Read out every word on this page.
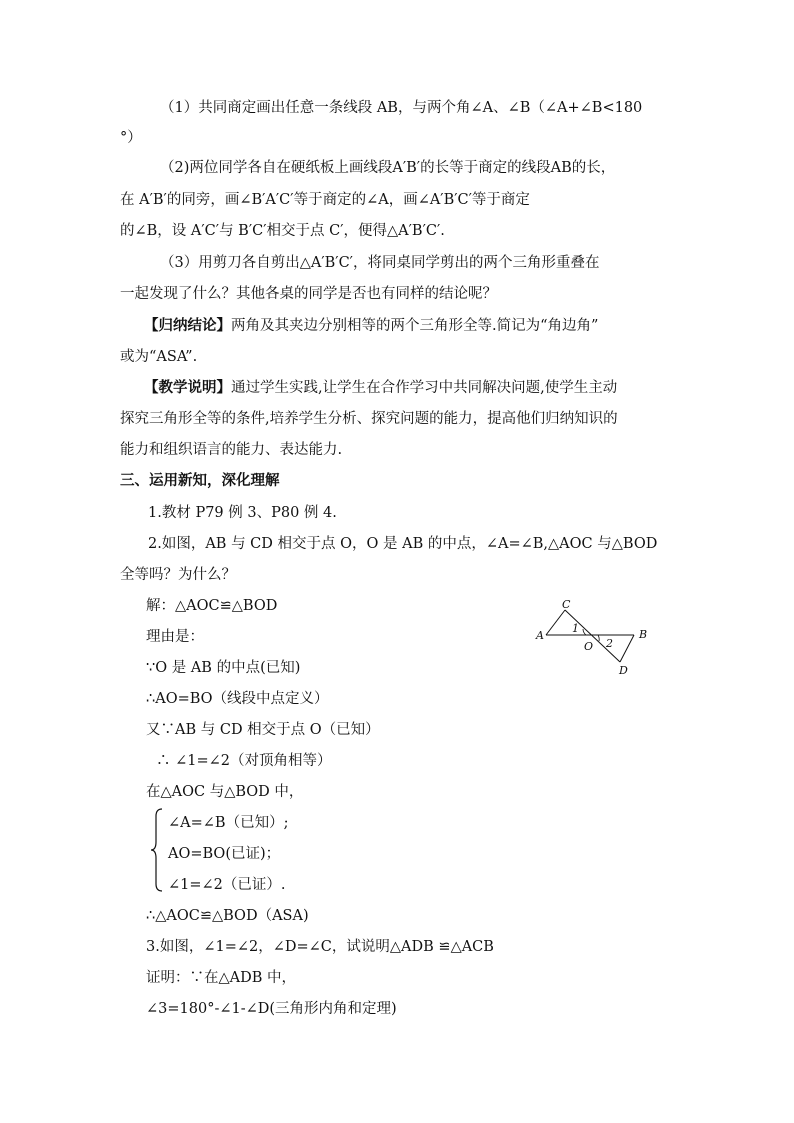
（1）共同商定画出任意一条线段 AB，与两个角∠A、∠B（∠A+∠B<180
°）
（2)两位同学各自在硬纸板上画线段A′B′的长等于商定的线段AB的长，
在 A′B′的同旁，画∠B′A′C′等于商定的∠A，画∠A′B′C′等于商定
的∠B，设 A′C′与 B′C′相交于点 C′，便得△A′B′C′.
（3）用剪刀各自剪出△A′B′C′，将同桌同学剪出的两个三角形重叠在
一起发现了什么？其他各桌的同学是否也有同样的结论呢？
【归纳结论】两角及其夹边分别相等的两个三角形全等.简记为“角边角”
或为“ASA”.
【教学说明】通过学生实践,让学生在合作学习中共同解决问题,使学生主动
探究三角形全等的条件,培养学生分析、探究问题的能力，提高他们归纳知识的
能力和组织语言的能力、表达能力.
三、运用新知，深化理解
1.教材 P79 例 3、P80 例 4.
2.如图，AB 与 CD 相交于点 O，O 是 AB 的中点，∠A=∠B,△AOC 与△BOD
全等吗？为什么？
解：△AOC≌△BOD
理由是：
∵O 是 AB 的中点(已知)
∴AO=BO（线段中点定义）
又∵AB 与 CD 相交于点 O（已知）
∴ ∠1=∠2（对顶角相等）
在△AOC 与△BOD 中，
∠A=∠B（已知）;
AO=BO(已证)；
∠1=∠2（已证）.
∴△AOC≌△BOD（ASA)
3.如图，∠1=∠2，∠D=∠C，试说明△ADB ≌△ACB
证明：∵在△ADB 中，
∠3=180°-∠1-∠D(三角形内角和定理)
C
A	B
D
O
1
2
